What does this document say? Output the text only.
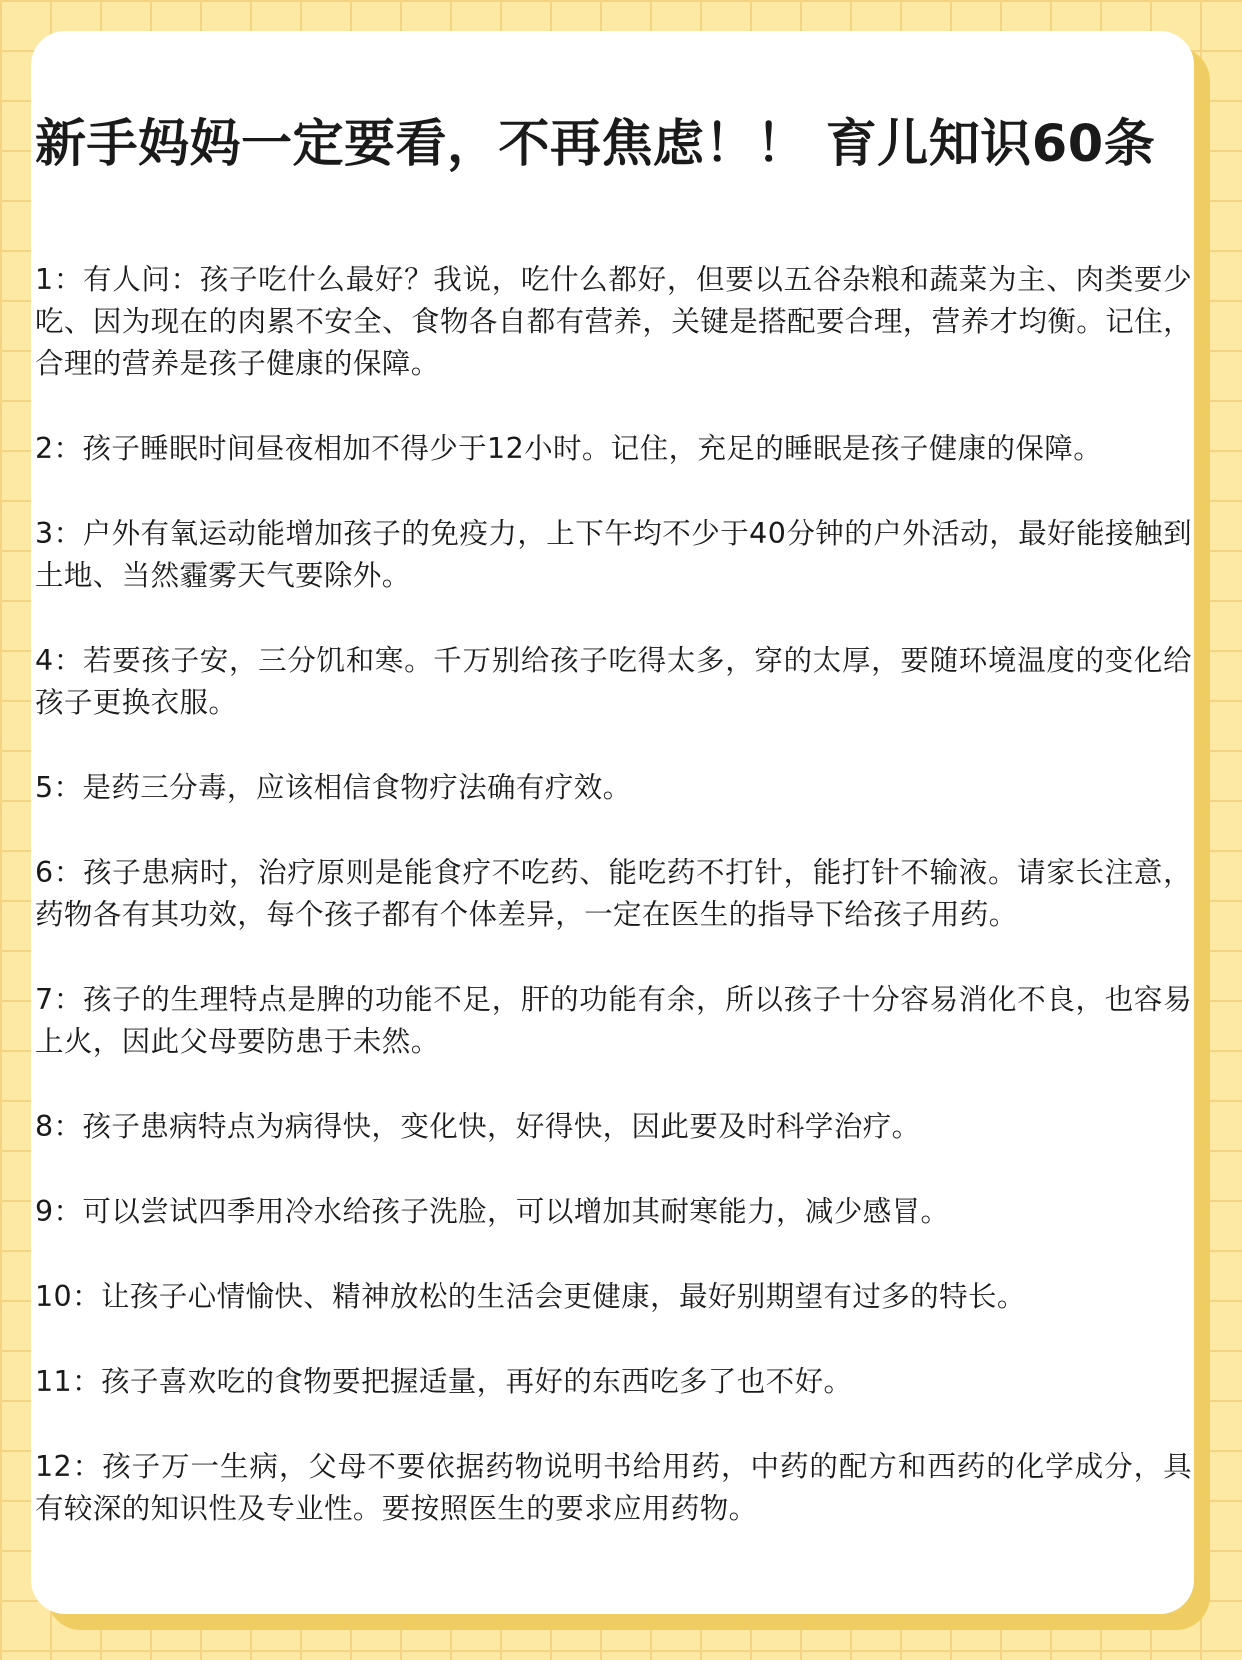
新手妈妈一定要看，不再焦虑！！ 育儿知识60条
1：有人问：孩子吃什么最好？我说，吃什么都好，但要以五谷杂粮和蔬菜为主、肉类要少吃、因为现在的肉累不安全、食物各自都有营养，关键是搭配要合理，营养才均衡。记住，合理的营养是孩子健康的保障。
2：孩子睡眠时间昼夜相加不得少于12小时。记住，充足的睡眠是孩子健康的保障。
3：户外有氧运动能增加孩子的免疫力，上下午均不少于40分钟的户外活动，最好能接触到土地、当然霾雾天气要除外。
4：若要孩子安，三分饥和寒。千万别给孩子吃得太多，穿的太厚，要随环境温度的变化给孩子更换衣服。
5：是药三分毒，应该相信食物疗法确有疗效。
6：孩子患病时，治疗原则是能食疗不吃药、能吃药不打针，能打针不输液。请家长注意，药物各有其功效，每个孩子都有个体差异，一定在医生的指导下给孩子用药。
7：孩子的生理特点是脾的功能不足，肝的功能有余，所以孩子十分容易消化不良，也容易上火，因此父母要防患于未然。
8：孩子患病特点为病得快，变化快，好得快，因此要及时科学治疗。
9：可以尝试四季用冷水给孩子洗脸，可以增加其耐寒能力，减少感冒。
10：让孩子心情愉快、精神放松的生活会更健康，最好别期望有过多的特长。
11：孩子喜欢吃的食物要把握适量，再好的东西吃多了也不好。
12：孩子万一生病，父母不要依据药物说明书给用药，中药的配方和西药的化学成分，具有较深的知识性及专业性。要按照医生的要求应用药物。
